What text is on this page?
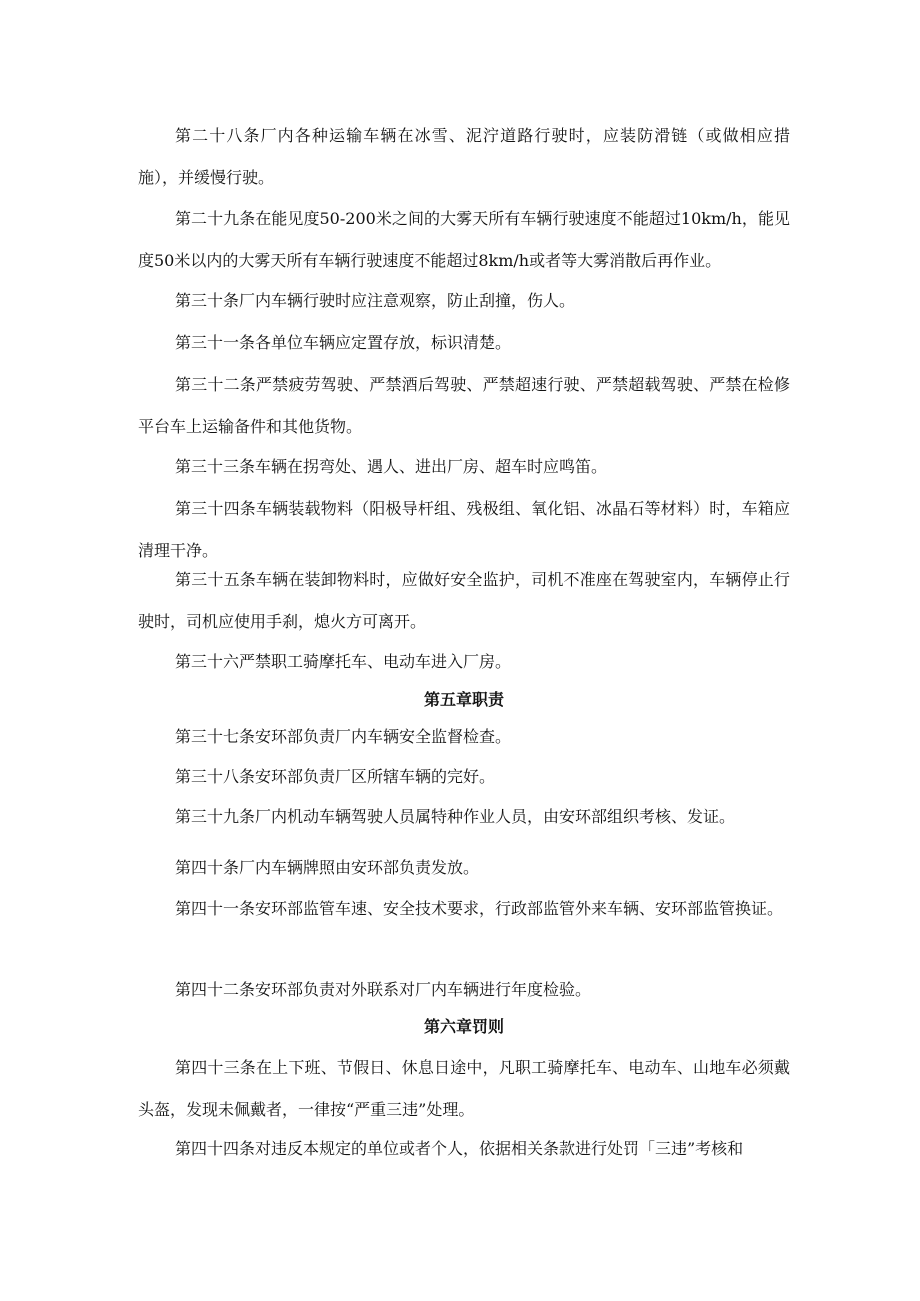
第二十八条厂内各种运输车辆在冰雪、泥泞道路行驶时，应装防滑链（或做相应措施），并缓慢行驶。

第二十九条在能见度50-200米之间的大雾天所有车辆行驶速度不能超过10km/h，能见度50米以内的大雾天所有车辆行驶速度不能超过8km/h或者等大雾消散后再作业。

第三十条厂内车辆行驶时应注意观察，防止刮撞，伤人。

第三十一条各单位车辆应定置存放，标识清楚。

第三十二条严禁疲劳驾驶、严禁酒后驾驶、严禁超速行驶、严禁超载驾驶、严禁在检修平台车上运输备件和其他货物。

第三十三条车辆在拐弯处、遇人、进出厂房、超车时应鸣笛。

第三十四条车辆装载物料（阳极导杆组、残极组、氧化铝、冰晶石等材料）时，车箱应清理干净。

第三十五条车辆在装卸物料时，应做好安全监护，司机不准座在驾驶室内，车辆停止行驶时，司机应使用手刹，熄火方可离开。

第三十六严禁职工骑摩托车、电动车进入厂房。

第五章职责

第三十七条安环部负责厂内车辆安全监督检查。

第三十八条安环部负责厂区所辖车辆的完好。

第三十九条厂内机动车辆驾驶人员属特种作业人员，由安环部组织考核、发证。

第四十条厂内车辆牌照由安环部负责发放。

第四十一条安环部监管车速、安全技术要求，行政部监管外来车辆、安环部监管换证。

第四十二条安环部负责对外联系对厂内车辆进行年度检验。

第六章罚则

第四十三条在上下班、节假日、休息日途中，凡职工骑摩托车、电动车、山地车必须戴头盔，发现未佩戴者，一律按“严重三违”处理。

第四十四条对违反本规定的单位或者个人，依据相关条款进行处罚「三违”考核和
